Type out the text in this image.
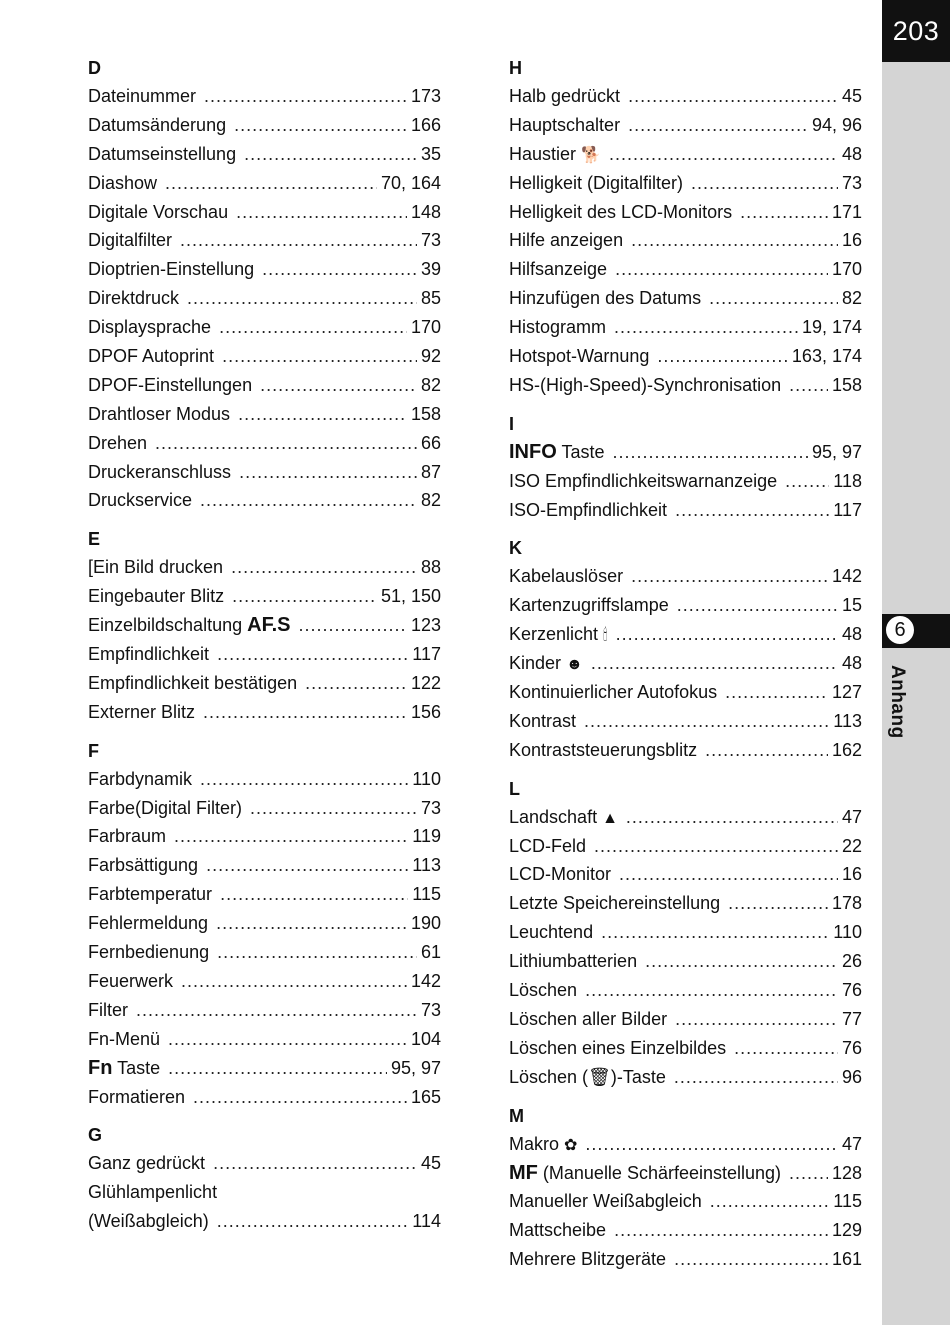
203
6
Anhang
D
Dateinummer .....	173
Datumsänderung .....	166
Datumseinstellung .....	35
Diashow .....	70, 164
Digitale Vorschau .....	148
Digitalfilter .....	73
Dioptrien-Einstellung .....	39
Direktdruck .....	85
Displaysprache .....	170
DPOF Autoprint .....	92
DPOF-Einstellungen .....	82
Drahtloser Modus .....	158
Drehen .....	66
Druckeranschluss .....	87
Druckservice .....	82
E
[Ein Bild drucken .....	88
Eingebauter Blitz .....	51, 150
Einzelbildschaltung AF.S .....	123
Empfindlichkeit .....	117
Empfindlichkeit bestätigen .....	122
Externer Blitz .....	156
F
Farbdynamik .....	110
Farbe(Digital Filter) .....	73
Farbraum .....	119
Farbsättigung .....	113
Farbtemperatur .....	115
Fehlermeldung .....	190
Fernbedienung .....	61
Feuerwerk .....	142
Filter .....	73
Fn-Menü .....	104
Fn Taste .....	95, 97
Formatieren .....	165
G
Ganz gedrückt .....	45
Glühlampenlicht
(Weißabgleich) .....	114
H
Halb gedrückt .....	45
Hauptschalter .....	94, 96
Haustier 🐕 .....	48
Helligkeit (Digitalfilter) .....	73
Helligkeit des LCD-Monitors .....	171
Hilfe anzeigen .....	16
Hilfsanzeige .....	170
Hinzufügen des Datums .....	82
Histogramm .....	19, 174
Hotspot-Warnung .....	163, 174
HS-(High-Speed)-Synchronisation .....	158
I
INFO Taste .....	95, 97
ISO Empfindlichkeitswarnanzeige .....	118
ISO-Empfindlichkeit .....	117
K
Kabelauslöser .....	142
Kartenzugriffslampe .....	15
Kerzenlicht 🕯 .....	48
Kinder ☻ .....	48
Kontinuierlicher Autofokus .....	127
Kontrast .....	113
Kontraststeuerungsblitz .....	162
L
Landschaft ▲ .....	47
LCD-Feld .....	22
LCD-Monitor .....	16
Letzte Speichereinstellung .....	178
Leuchtend .....	110
Lithiumbatterien .....	26
Löschen .....	76
Löschen aller Bilder .....	77
Löschen eines Einzelbildes .....	76
Löschen (🗑)-Taste .....	96
M
Makro ✿ .....	47
MF (Manuelle Schärfeeinstellung) .....	128
Manueller Weißabgleich .....	115
Mattscheibe .....	129
Mehrere Blitzgeräte .....	161
